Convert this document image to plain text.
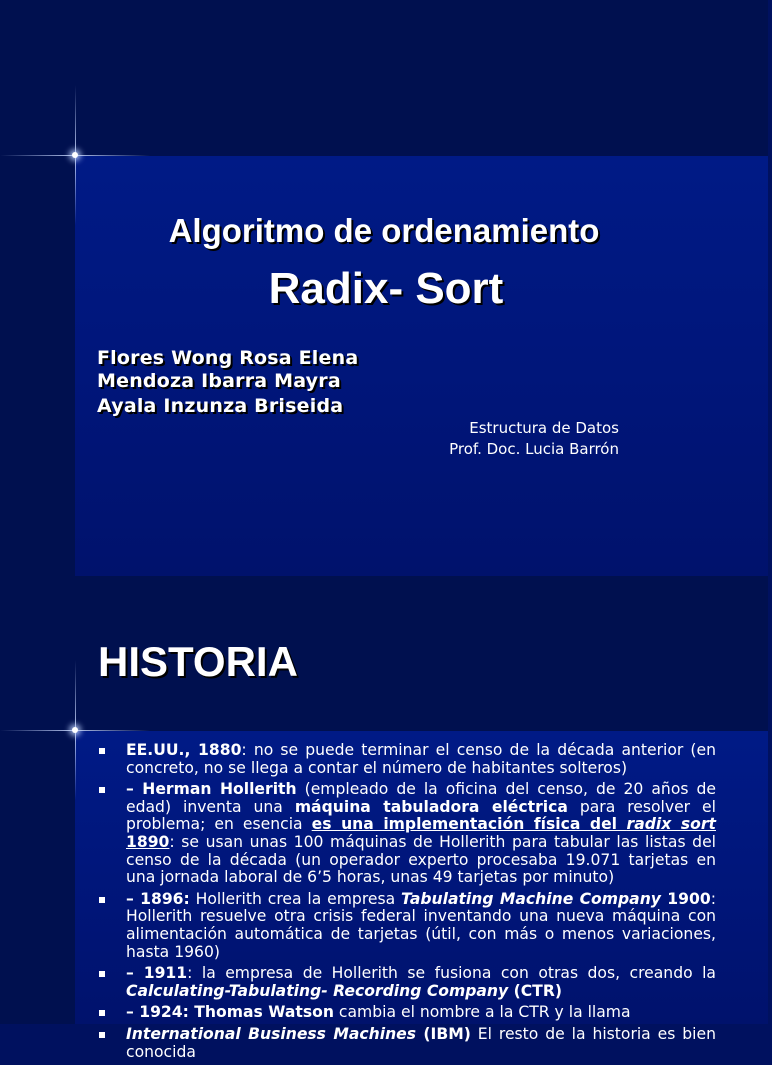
Algoritmo de ordenamiento
Radix- Sort
Flores Wong Rosa Elena
Mendoza Ibarra Mayra
Ayala Inzunza Briseida
Estructura de Datos
Prof. Doc. Lucia Barrón
HISTORIA
EE.UU., 1880: no se puede terminar el censo de la década anterior (en concreto, no se llega a contar el número de habitantes solteros)
– Herman Hollerith (empleado de la oficina del censo, de 20 años de edad) inventa una máquina tabuladora eléctrica para resolver el problema; en esencia es una implementación física del radix sort 1890: se usan unas 100 máquinas de Hollerith para tabular las listas del censo de la década (un operador experto procesaba 19.071 tarjetas en una jornada laboral de 6’5 horas, unas 49 tarjetas por minuto)
– 1896: Hollerith crea la empresa Tabulating Machine Company 1900: Hollerith resuelve otra crisis federal inventando una nueva máquina con alimentación automática de tarjetas (útil, con más o menos variaciones, hasta 1960)
– 1911: la empresa de Hollerith se fusiona con otras dos, creando la Calculating-Tabulating- Recording Company (CTR)
– 1924: Thomas Watson cambia el nombre a la CTR y la llama
International Business Machines (IBM) El resto de la historia es bien conocida
